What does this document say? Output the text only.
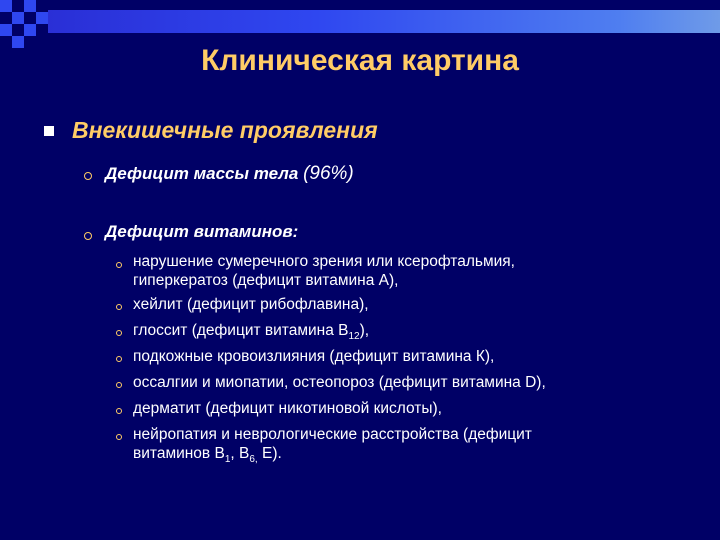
Клиническая картина
Внекишечные проявления
Дефицит массы тела (96%)
Дефицит витаминов:
нарушение сумеречного зрения или ксерофтальмия,
гиперкератоз (дефицит витамина А),
хейлит (дефицит рибофлавина),
глоссит (дефицит витамина $В_{12}$),
подкожные кровоизлияния (дефицит витамина К),
оссалгии и миопатии, остеопороз (дефицит витамина D),
дерматит (дефицит никотиновой кислоты),
нейропатия и неврологические расстройства (дефицит
витаминов $В_1$, $В_{6,}$ Е).
